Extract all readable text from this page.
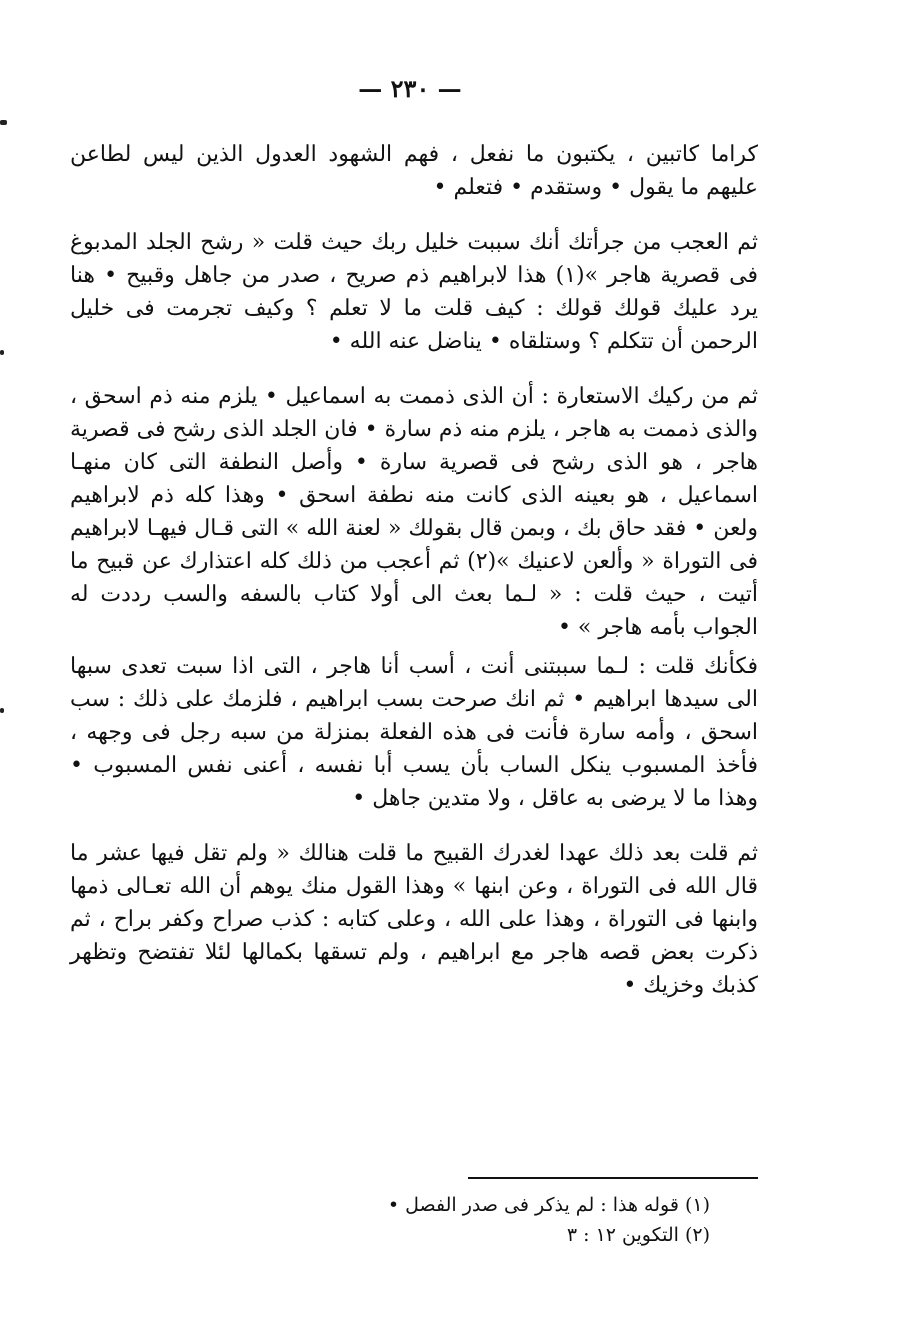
— ٢٣٠ —

كراما كاتبين ، يكتبون ما نفعل ، فهم الشهود العدول الذين ليس لطاعن عليهم ما يقول • وستقدم • فتعلم •

ثم العجب من جرأتك أنك سببت خليل ربك حيث قلت « رشح الجلد المدبوغ فى قصرية هاجر »(١) هذا لابراهيم ذم صريح ، صدر من جاهل وقبيح • هنا يرد عليك قولك قولك : كيف قلت ما لا تعلم ؟ وكيف تجرمت فى خليل الرحمن أن تتكلم ؟ وستلقاه • يناضل عنه الله •

ثم من ركيك الاستعارة : أن الذى ذممت به اسماعيل • يلزم منه ذم اسحق ، والذى ذممت به هاجر ، يلزم منه ذم سارة • فان الجلد الذى رشح فى قصرية هاجر ، هو الذى رشح فى قصرية سارة • وأصل النطفة التى كان منهـا اسماعيل ، هو بعينه الذى كانت منه نطفة اسحق • وهذا كله ذم لابراهيم ولعن • فقد حاق بك ، وبمن قال بقولك « لعنة الله » التى قـال فيهـا لابراهيم فى التوراة « وألعن لاعنيك »(٢) ثم أعجب من ذلك كله اعتذارك عن قبيح ما أتيت ، حيث قلت : « لـما بعث الى أولا كتاب بالسفه والسب رددت له الجواب بأمه هاجر » •

فكأنك قلت : لـما سببتنى أنت ، أسب أنا هاجر ، التى اذا سبت تعدى سبها الى سيدها ابراهيم • ثم انك صرحت بسب ابراهيم ، فلزمك على ذلك : سب اسحق ، وأمه سارة فأنت فى هذه الفعلة بمنزلة من سبه رجل فى وجهه ، فأخذ المسبوب ينكل الساب بأن يسب أبا نفسه ، أعنى نفس المسبوب • وهذا ما لا يرضى به عاقل ، ولا متدين جاهل •

ثم قلت بعد ذلك عهدا لغدرك القبيح ما قلت هنالك « ولم تقل فيها عشر ما قال الله فى التوراة ، وعن ابنها » وهذا القول منك يوهم أن الله تعـالى ذمها وابنها فى التوراة ، وهذا على الله ، وعلى كتابه : كذب صراح وكفر براح ، ثم ذكرت بعض قصه هاجر مع ابراهيم ، ولم تسقها بكمالها لئلا تفتضح وتظهر كذبك وخزيك •

(١) قوله هذا : لم يذكر فى صدر الفصل •

(٢) التكوين ١٢ : ٣
